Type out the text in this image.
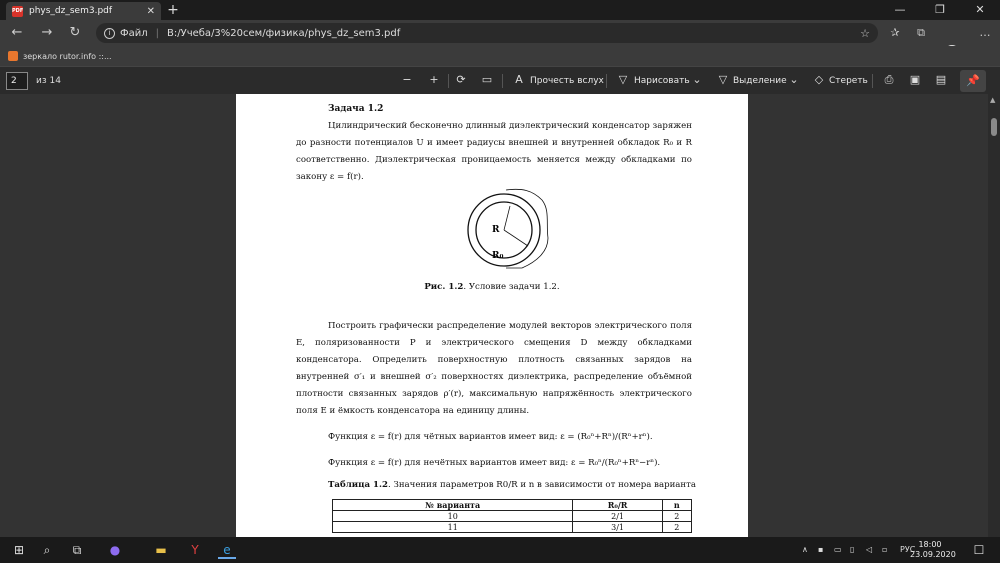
PDF phys_dz_sem3.pdf	✕ +	—	❐	✕
← → ↻	i Файл | B:/Учеба/3%20сем/физика/phys_dz_sem3.pdf	☆	✰	⧉	…
зеркало rutor.info ::...
2	из 14	− + ⟳ ▭ A Прочесть вслух ▽ Нарисовать ⌄ ▽ Выделение ⌄ ◇ Стереть ⎙ ▣ ▤	📌
Задача 1.2
Цилиндрический бесконечно длинный диэлектрический конденсатор заряжен до разности потенциалов U и имеет радиусы внешней и внутренней обкладок R₀ и R соответственно. Диэлектрическая проницаемость меняется между обкладками по закону ε = f(r).
R
R₀
Рис. 1.2. Условие задачи 1.2.
Построить графически распределение модулей векторов электрического поля E, поляризованности P и электрического смещения D между обкладками конденсатора. Определить поверхностную плотность связанных зарядов на внутренней σ′₁ и внешней σ′₂ поверхностях диэлектрика, распределение объёмной плотности связанных зарядов ρ′(r), максимальную напряжённость электрического поля E и ёмкость конденсатора на единицу длины.
Функция ε = f(r) для чётных вариантов имеет вид: ε = (R₀ⁿ+Rⁿ)/(Rⁿ+rⁿ).
Функция ε = f(r) для нечётных вариантов имеет вид: ε = R₀ⁿ/(R₀ⁿ+Rⁿ−rⁿ).
Таблица 1.2. Значения параметров R0/R и n в зависимости от номера варианта
№ варианта	R₀/R	n
10	2/1	2
11	3/1	2
▲
⊞	⌕	⧉	●	▬	Y	e	∧ ▪ ▭ ▯ ◁ ▫ РУС
18:00
23.09.2020	☐
